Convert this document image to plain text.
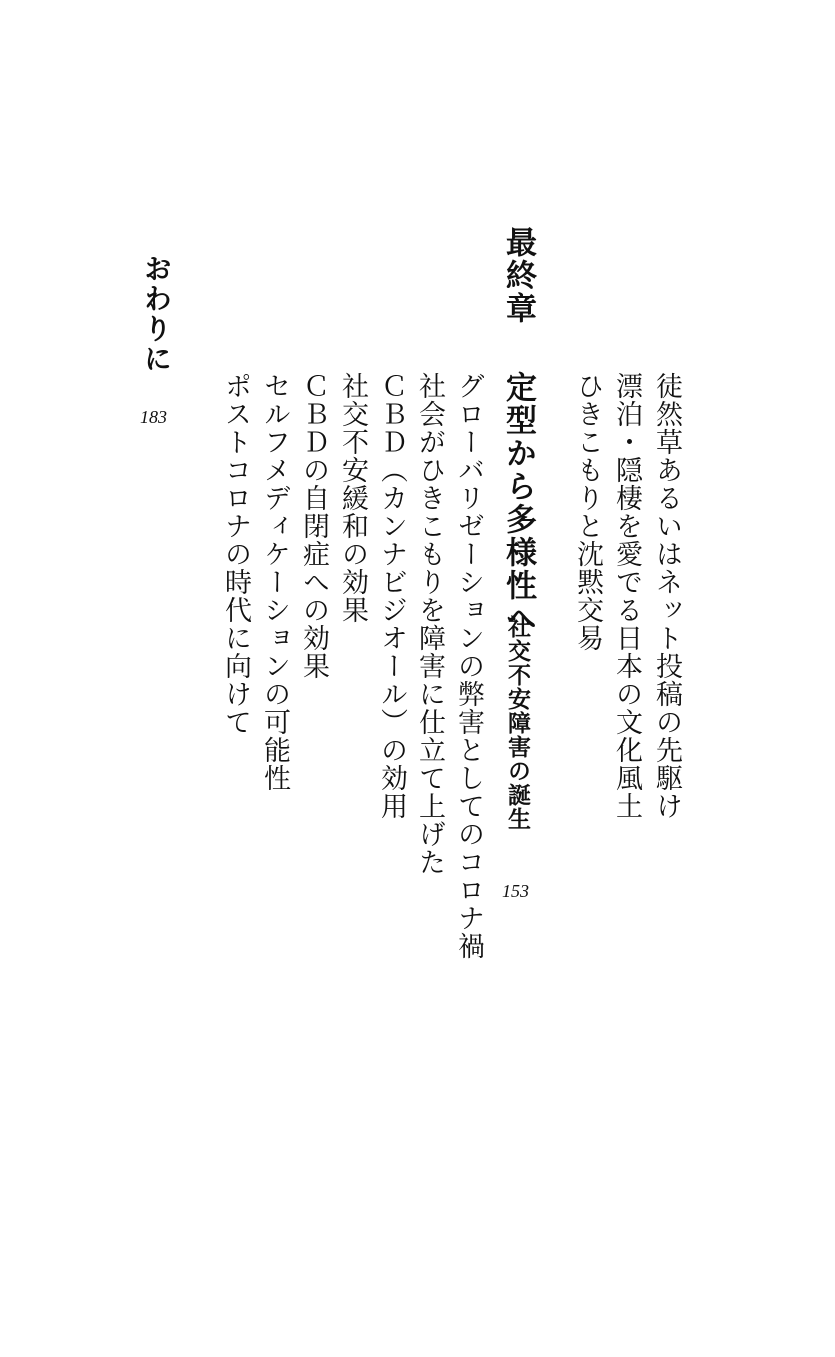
徒然草あるいはネット投稿の先駆け
漂泊・隠棲を愛でる日本の文化風土
ひきこもりと沈黙交易
最終章定型から多様性へ
社交不安障害の誕生
153
グローバリゼーションの弊害としてのコロナ禍
社会がひきこもりを障害に仕立て上げた
ＣＢＤ（カンナビジオール）の効用
社交不安緩和の効果
ＣＢＤの自閉症への効果
セルフメディケーションの可能性
ポストコロナの時代に向けて
おわりに
183
